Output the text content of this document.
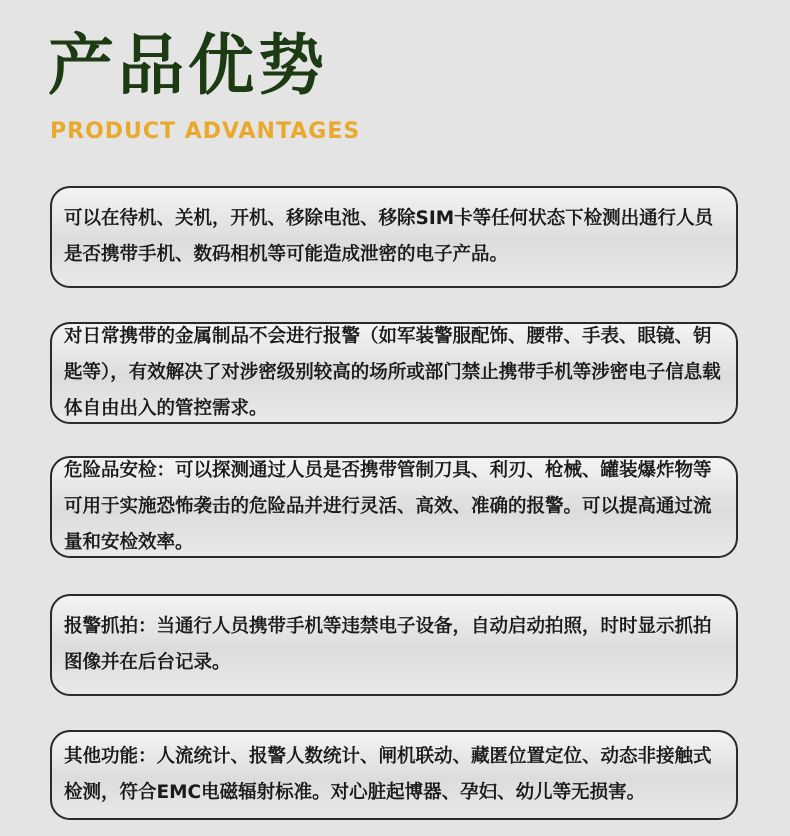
产品优势
PRODUCT ADVANTAGES
可以在待机、关机，开机、移除电池、移除SIM卡等任何状态下检测出通行人员是否携带手机、数码相机等可能造成泄密的电子产品。
对日常携带的金属制品不会进行报警（如军装警服配饰、腰带、手表、眼镜、钥匙等），有效解决了对涉密级别较高的场所或部门禁止携带手机等涉密电子信息载体自由出入的管控需求。
危险品安检：可以探测通过人员是否携带管制刀具、利刃、枪械、罐装爆炸物等可用于实施恐怖袭击的危险品并进行灵活、高效、准确的报警。可以提高通过流量和安检效率。
报警抓拍：当通行人员携带手机等违禁电子设备，自动启动拍照，时时显示抓拍图像并在后台记录。
其他功能：人流统计、报警人数统计、闸机联动、藏匿位置定位、动态非接触式检测，符合EMC电磁辐射标准。对心脏起博器、孕妇、幼儿等无损害。
